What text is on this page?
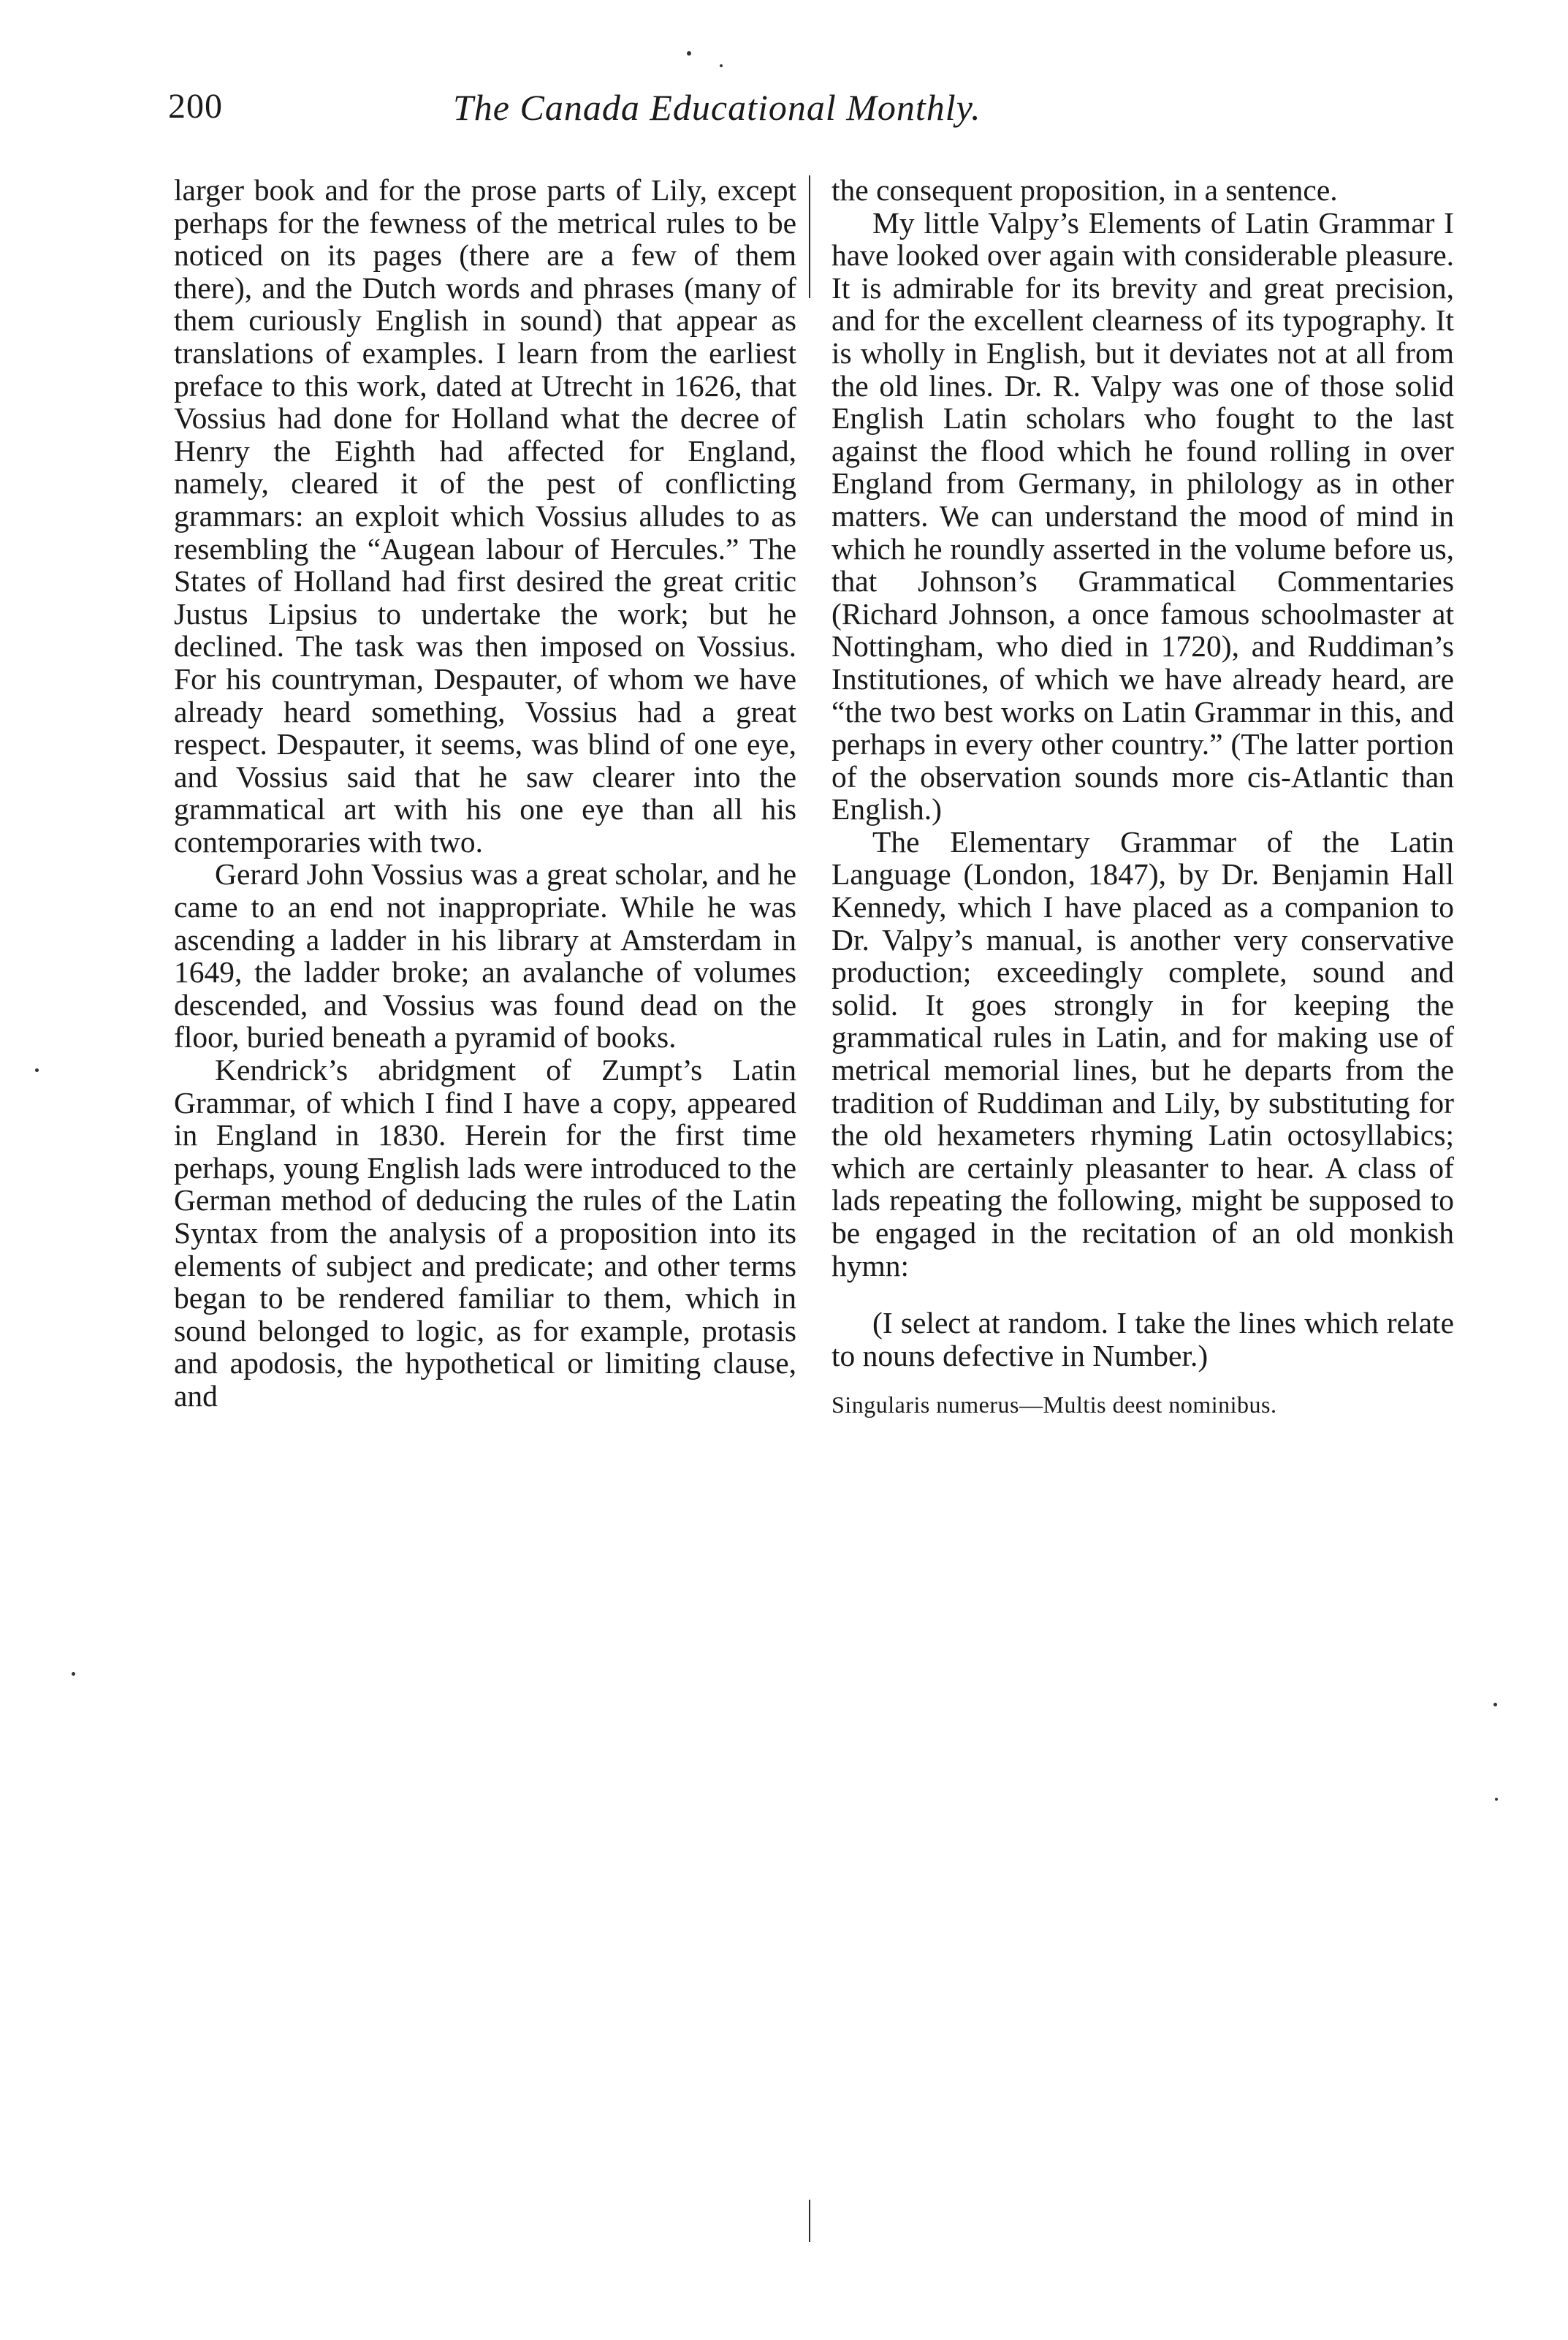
200	The Canada Educational Monthly.

larger book and for the prose parts of Lily, except perhaps for the fewness of the metrical rules to be noticed on its pages (there are a few of them there), and the Dutch words and phrases (many of them curiously English in sound) that appear as translations of examples. I learn from the earliest preface to this work, dated at Utrecht in 1626, that Vossius had done for Holland what the decree of Henry the Eighth had affected for England, namely, cleared it of the pest of conflicting grammars: an exploit which Vossius alludes to as resembling the “Augean labour of Hercules.” The States of Holland had first desired the great critic Justus Lipsius to undertake the work; but he declined. The task was then imposed on Vossius. For his countryman, Despauter, of whom we have already heard something, Vossius had a great respect. Despauter, it seems, was blind of one eye, and Vossius said that he saw clearer into the grammatical art with his one eye than all his contemporaries with two.

Gerard John Vossius was a great scholar, and he came to an end not inappropriate. While he was ascending a ladder in his library at Amsterdam in 1649, the ladder broke; an avalanche of volumes descended, and Vossius was found dead on the floor, buried beneath a pyramid of books.

Kendrick’s abridgment of Zumpt’s Latin Grammar, of which I find I have a copy, appeared in England in 1830. Herein for the first time perhaps, young English lads were introduced to the German method of deducing the rules of the Latin Syntax from the analysis of a proposition into its elements of subject and predicate; and other terms began to be rendered familiar to them, which in sound belonged to logic, as for example, protasis and apodosis, the hypothetical or limiting clause, and

the consequent proposition, in a sentence.

My little Valpy’s Elements of Latin Grammar I have looked over again with considerable pleasure. It is admirable for its brevity and great precision, and for the excellent clearness of its typography. It is wholly in English, but it deviates not at all from the old lines. Dr. R. Valpy was one of those solid English Latin scholars who fought to the last against the flood which he found rolling in over England from Germany, in philology as in other matters. We can understand the mood of mind in which he roundly asserted in the volume before us, that Johnson’s Grammatical Commentaries (Richard Johnson, a once famous schoolmaster at Nottingham, who died in 1720), and Ruddiman’s Institutiones, of which we have already heard, are “the two best works on Latin Grammar in this, and perhaps in every other country.” (The latter portion of the observation sounds more cis-Atlantic than English.)

The Elementary Grammar of the Latin Language (London, 1847), by Dr. Benjamin Hall Kennedy, which I have placed as a companion to Dr. Valpy’s manual, is another very conservative production; exceedingly complete, sound and solid. It goes strongly in for keeping the grammatical rules in Latin, and for making use of metrical memorial lines, but he departs from the tradition of Ruddiman and Lily, by substituting for the old hexameters rhyming Latin octosyllabics; which are certainly pleasanter to hear. A class of lads repeating the following, might be supposed to be engaged in the recitation of an old monkish hymn:

(I select at random. I take the lines which relate to nouns defective in Number.)

Singularis numerus—Multis deest nominibus.
